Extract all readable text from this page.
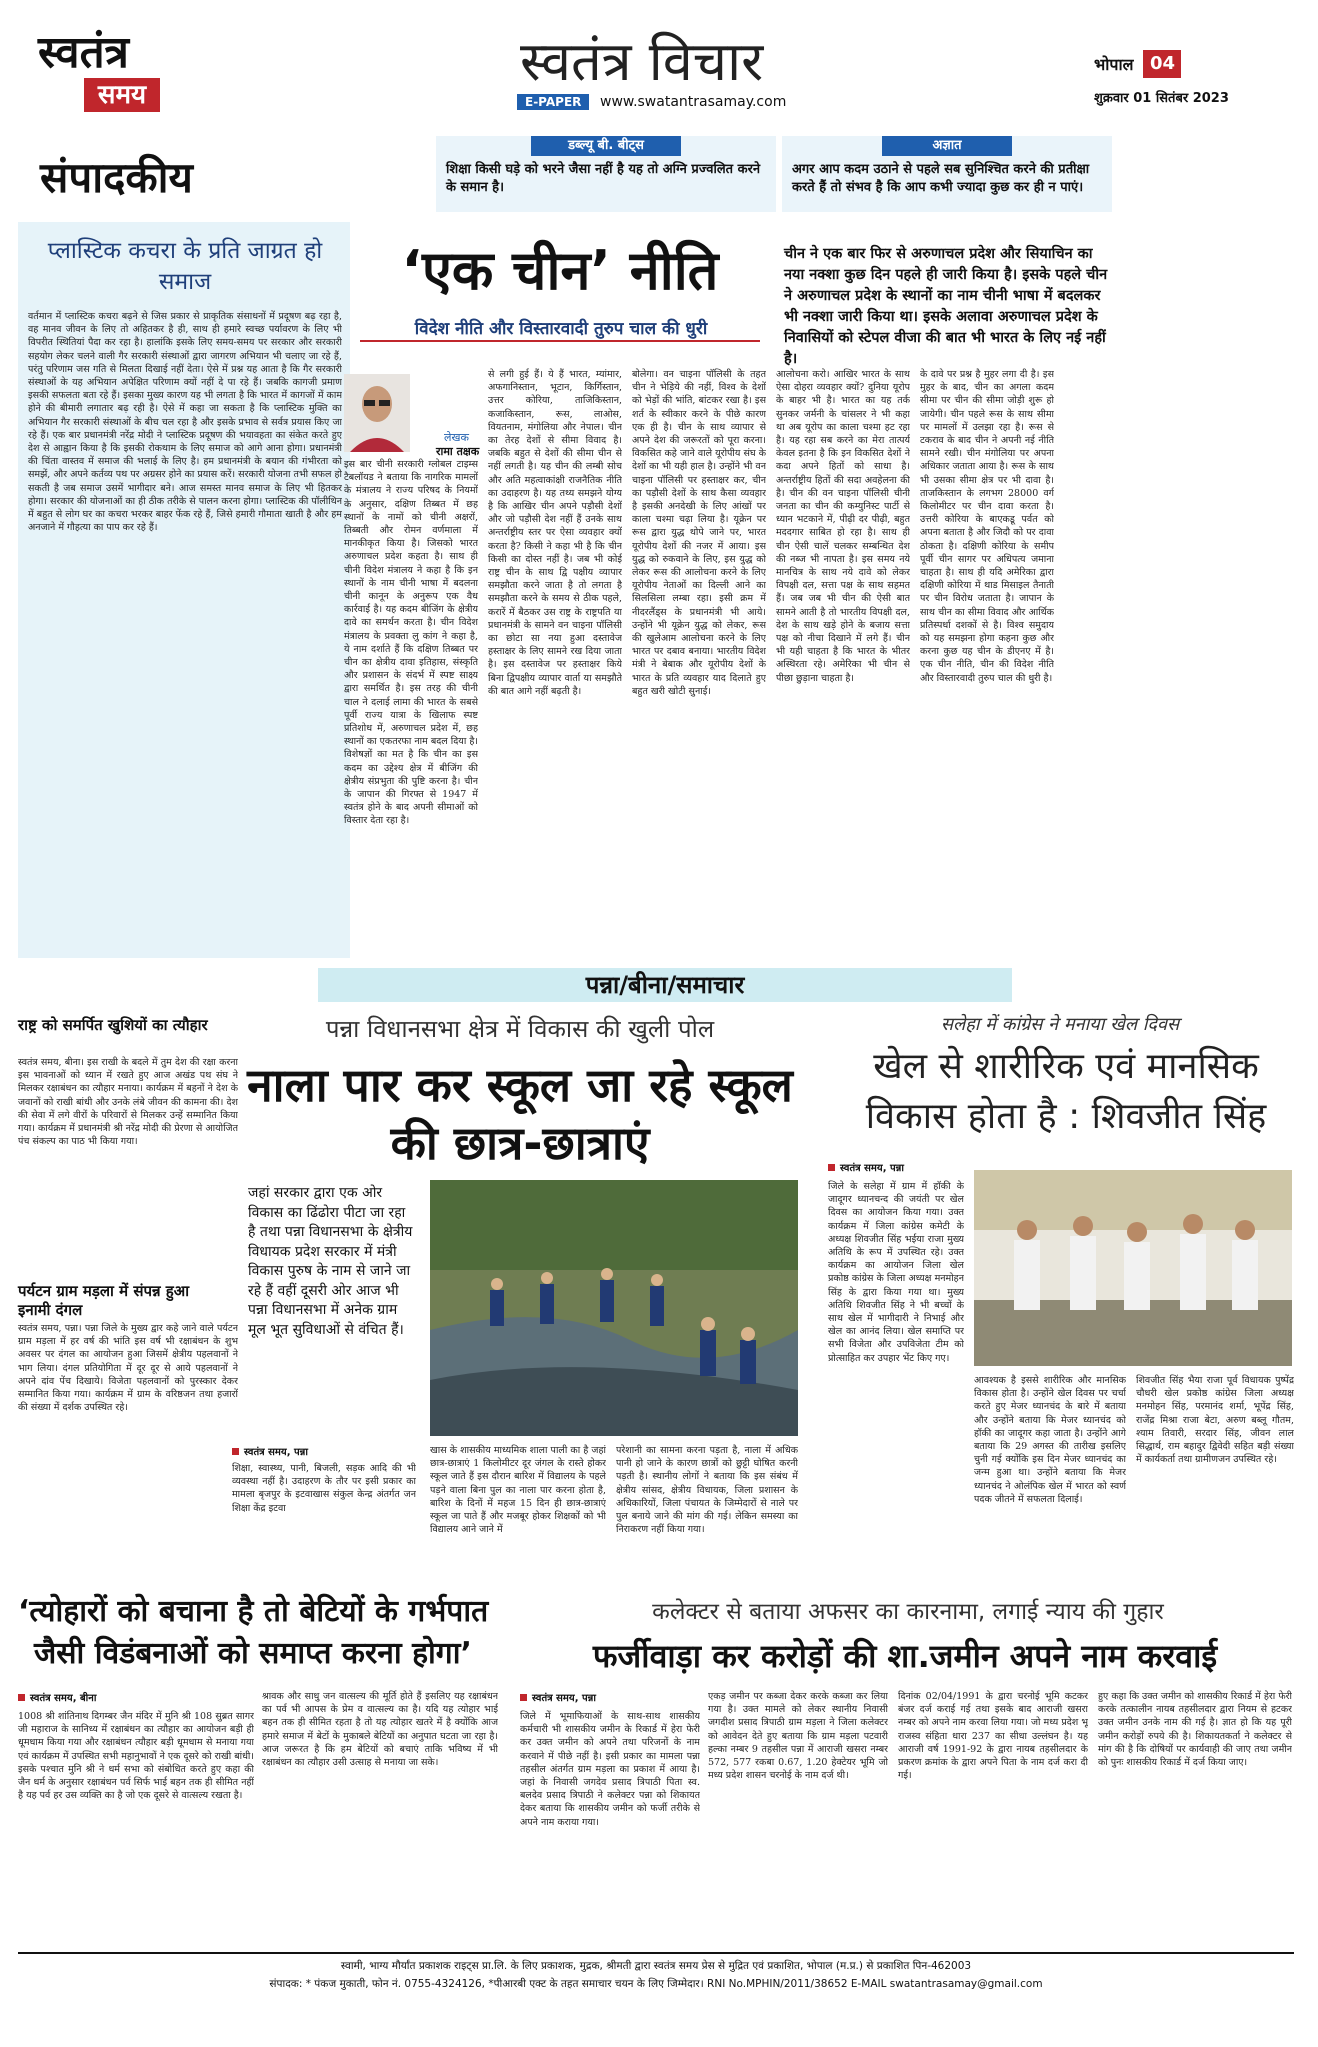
स्वतंत्र
समय
स्वतंत्र विचार
E-PAPER	www.swatantrasamay.com
भोपाल 04
शुक्रवार 01 सितंबर 2023
डब्ल्यू बी. बीट्स
शिक्षा किसी घड़े को भरने जैसा नहीं है यह तो अग्नि प्रज्वलित करने के समान है।
अज्ञात
अगर आप कदम उठाने से पहले सब सुनिश्चित करने की प्रतीक्षा करते हैं तो संभव है कि आप कभी ज्यादा कुछ कर ही न पाएं।
संपादकीय
प्लास्टिक कचरा के प्रति जाग्रत हो समाज
वर्तमान में प्लास्टिक कचरा बढ़ने से जिस प्रकार से प्राकृतिक संसाधनों में प्रदूषण बढ़ रहा है, वह मानव जीवन के लिए तो अहितकर है ही, साथ ही हमारे स्वच्छ पर्यावरण के लिए भी विपरीत स्थितियां पैदा कर रहा है। हालांकि इसके लिए समय-समय पर सरकार और सरकारी सहयोग लेकर चलने वाली गैर सरकारी संस्थाओं द्वारा जागरण अभियान भी चलाए जा रहे हैं, परंतु परिणाम जस गति से मिलता दिखाई नहीं देता। ऐसे में प्रश्न यह आता है कि गैर सरकारी संस्थाओं के यह अभियान अपेक्षित परिणाम क्यों नहीं दे पा रहे हैं। जबकि कागजी प्रमाण इसकी सफलता बता रहे हैं। इसका मुख्य कारण यह भी लगता है कि भारत में कागजों में काम होने की बीमारी लगातार बढ़ रही है। ऐसे में कहा जा सकता है कि प्लास्टिक मुक्ति का अभियान गैर सरकारी संस्थाओं के बीच चल रहा है और इसके प्रभाव से सर्वत्र प्रयास किए जा रहे हैं। एक बार प्रधानमंत्री नरेंद्र मोदी ने प्लास्टिक प्रदूषण की भयावहता का संकेत करते हुए देश से आह्वान किया है कि इसकी रोकथाम के लिए समाज को आगे आना होगा। प्रधानमंत्री की चिंता वास्तव में समाज की भलाई के लिए है। हम प्रधानमंत्री के बयान की गंभीरता को समझें, और अपने कर्तव्य पथ पर अग्रसर होने का प्रयास करें। सरकारी योजना तभी सफल हो सकती है जब समाज उसमें भागीदार बने। आज समस्त मानव समाज के लिए भी हितकर होगा। सरकार की योजनाओं का ही ठीक तरीके से पालन करना होगा। प्लास्टिक की पॉलीथिन में बहुत से लोग घर का कचरा भरकर बाहर फेंक रहे हैं, जिसे हमारी गौमाता खाती है और हम अनजाने में गौहत्या का पाप कर रहे हैं।
‘एक चीन’ नीति
विदेश नीति और विस्तारवादी तुरुप चाल की धुरी
चीन ने एक बार फिर से अरुणाचल प्रदेश और सियाचिन का नया नक्शा कुछ दिन पहले ही जारी किया है। इसके पहले चीन ने अरुणाचल प्रदेश के स्थानों का नाम चीनी भाषा में बदलकर भी नक्शा जारी किया था। इसके अलावा अरुणाचल प्रदेश के निवासियों को स्टेपल वीजा की बात भी भारत के लिए नई नहीं है।
लेखक
रामा तक्षक
इस बार चीनी सरकारी ग्लोबल टाइम्स टैबलॉयड ने बताया कि नागरिक मामलों के मंत्रालय ने राज्य परिषद के नियमों के अनुसार, दक्षिण तिब्बत में छह स्थानों के नामों को चीनी अक्षरों, तिब्बती और रोमन वर्णमाला में मानकीकृत किया है। जिसको भारत अरुणाचल प्रदेश कहता है। साथ ही चीनी विदेश मंत्रालय ने कहा है कि इन स्थानों के नाम चीनी भाषा में बदलना चीनी कानून के अनुरूप एक वैध कार्रवाई है। यह कदम बीजिंग के क्षेत्रीय दावे का समर्थन करता है। चीन विदेश मंत्रालय के प्रवक्ता लु कांग ने कहा है, ये नाम दर्शाते हैं कि दक्षिण तिब्बत पर चीन का क्षेत्रीय दावा इतिहास, संस्कृति और प्रशासन के संदर्भ में स्पष्ट साक्ष्य द्वारा समर्थित है। इस तरह की चीनी चाल ने दलाई लामा की भारत के सबसे पूर्वी राज्य यात्रा के खिलाफ स्पष्ट प्रतिशोध में, अरुणाचल प्रदेश में, छह स्थानों का एकतरफा नाम बदल दिया है। विशेषज्ञों का मत है कि चीन का इस कदम का उद्देश्य क्षेत्र में बीजिंग की क्षेत्रीय संप्रभुता की पुष्टि करना है। चीन के जापान की गिरफ्त से 1947 में स्वतंत्र होने के बाद अपनी सीमाओं को विस्तार देता रहा है।
से लगी हुई हैं। ये हैं भारत, म्यांमार, अफगानिस्तान, भूटान, किर्गिस्तान, उत्तर कोरिया, ताजिकिस्तान, कजाकिस्तान, रूस, लाओस, वियतनाम, मंगोलिया और नेपाल। चीन का तेरह देशों से सीमा विवाद है। जबकि बहुत से देशों की सीमा चीन से नहीं लगती है। यह चीन की लम्बी सोच और अति महत्वाकांक्षी राजनैतिक नीति का उदाहरण है। यह तथ्य समझने योग्य है कि आखिर चीन अपने पड़ौसी देशों और जो पड़ौसी देश नहीं हैं उनके साथ अन्तर्राष्ट्रीय स्तर पर ऐसा व्यवहार क्यों करता है? किसी ने कहा भी है कि चीन किसी का दोस्त नहीं है। जब भी कोई राष्ट्र चीन के साथ द्वि पक्षीय व्यापार समझौता करने जाता है तो लगता है समझौता करने के समय से ठीक पहले, करारें में बैठकर उस राष्ट्र के राष्ट्रपति या प्रधानमंत्री के सामने वन चाइना पॉलिसी का छोटा सा नया हुआ दस्तावेज हस्ताक्षर के लिए सामने रख दिया जाता है। इस दस्तावेज पर हस्ताक्षर किये बिना द्विपक्षीय व्यापार वार्ता या समझौते की बात आगे नहीं बढ़ती है।
बोलेगा। वन चाइना पॉलिसी के तहत चीन ने भेड़िये की नहीं, विश्व के देशों को भेड़ों की भांति, बांटकर रखा है। इस शर्त के स्वीकार करने के पीछे कारण एक ही है। चीन के साथ व्यापार से अपने देश की जरूरतों को पूरा करना। विकसित कहे जाने वाले यूरोपीय संघ के देशों का भी यही हाल है। उन्होंने भी वन चाइना पॉलिसी पर हस्ताक्षर कर, चीन का पड़ौसी देशों के साथ कैसा व्यवहार है इसकी अनदेखी के लिए आंखों पर काला चश्मा चढ़ा लिया है। यूक्रेन पर रूस द्वारा युद्ध थोपे जाने पर, भारत यूरोपीय देशों की नजर में आया। इस युद्ध को रुकवाने के लिए, इस युद्ध को लेकर रूस की आलोचना करने के लिए यूरोपीय नेताओं का दिल्ली आने का सिलसिला लम्बा रहा। इसी क्रम में नीदरलैंड्स के प्रधानमंत्री भी आये। उन्होंने भी यूक्रेन युद्ध को लेकर, रूस की खुलेआम आलोचना करने के लिए भारत पर दबाव बनाया। भारतीय विदेश मंत्री ने बेबाक और यूरोपीय देशों के भारत के प्रति व्यवहार याद दिलाते हुए बहुत खरी खोटी सुनाई।
आलोचना करो। आखिर भारत के साथ ऐसा दोहरा व्यवहार क्यों? दुनिया यूरोप के बाहर भी है। भारत का यह तर्क सुनकर जर्मनी के चांसलर ने भी कहा था अब यूरोप का काला चश्मा हट रहा है। यह रहा सब करने का मेरा तात्पर्य केवल इतना है कि इन विकसित देशों ने कदा अपने हितों को साधा है। अन्तर्राष्ट्रीय हितों की सदा अवहेलना की है। चीन की वन चाइना पॉलिसी चीनी जनता का चीन की कम्युनिस्ट पार्टी से ध्यान भटकाने में, पीढ़ी दर पीढ़ी, बहुत मददगार साबित हो रहा है। साथ ही चीन ऐसी चालें चलकर सम्बन्धित देश की नब्ज भी नापता है। इस समय नये मानचित्र के साथ नये दावे को लेकर विपक्षी दल, सत्ता पक्ष के साथ सहमत हैं। जब जब भी चीन की ऐसी बात सामने आती है तो भारतीय विपक्षी दल, देश के साथ खड़े होने के बजाय सत्ता पक्ष को नीचा दिखाने में लगे हैं। चीन भी यही चाहता है कि भारत के भीतर अस्थिरता रहे। अमेरिका भी चीन से पीछा छुड़ाना चाहता है।
के दावे पर प्रश्न है मुहर लगा दी है। इस मुहर के बाद, चीन का अगला कदम सीमा पर चीन की सीमा जोड़ी शुरू हो जायेगी। चीन पहले रूस के साथ सीमा पर मामलों में उलझा रहा है। रूस से टकराव के बाद चीन ने अपनी नई नीति सामने रखी। चीन मंगोलिया पर अपना अधिकार जताता आया है। रूस के साथ भी उसका सीमा क्षेत्र पर भी दावा है। ताजकिस्तान के लगभग 28000 वर्ग किलोमीटर पर चीन दावा करता है। उत्तरी कोरिया के बाएकडू पर्वत को अपना बताता है और जिदौ को पर दावा ठोकता है। दक्षिणी कोरिया के समीप पूर्वी चीन सागर पर अधिपत्य जमाना चाहता है। साथ ही यदि अमेरिका द्वारा दक्षिणी कोरिया में थाड मिसाइल तैनाती पर चीन विरोध जताता है। जापान के साथ चीन का सीमा विवाद और आर्थिक प्रतिस्पर्धा दशकों से है। विश्व समुदाय को यह समझना होगा कहना कुछ और करना कुछ यह चीन के डीएनए में है। एक चीन नीति, चीन की विदेश नीति और विस्तारवादी तुरुप चाल की धुरी है।
पन्ना/बीना/समाचार
राष्ट्र को समर्पित खुशियों का त्यौहार
स्वतंत्र समय, बीना। इस राखी के बदले में तुम देश की रक्षा करना इस भावनाओं को ध्यान में रखते हुए आज अखंड पथ संघ ने मिलकर रक्षाबंधन का त्यौहार मनाया। कार्यक्रम में बहनों ने देश के जवानों को राखी बांधी और उनके लंबे जीवन की कामना की। देश की सेवा में लगे वीरों के परिवारों से मिलकर उन्हें सम्मानित किया गया। कार्यक्रम में प्रधानमंत्री श्री नरेंद्र मोदी की प्रेरणा से आयोजित पंच संकल्प का पाठ भी किया गया।
पर्यटन ग्राम मड़ला में संपन्न हुआ इनामी दंगल
स्वतंत्र समय, पन्ना। पन्ना जिले के मुख्य द्वार कहे जाने वाले पर्यटन ग्राम मड़ला में हर वर्ष की भांति इस वर्ष भी रक्षाबंधन के शुभ अवसर पर दंगल का आयोजन हुआ जिसमें क्षेत्रीय पहलवानों ने भाग लिया। दंगल प्रतियोगिता में दूर दूर से आये पहलवानों ने अपने दांव पेंच दिखाये। विजेता पहलवानों को पुरस्कार देकर सम्मानित किया गया। कार्यक्रम में ग्राम के वरिष्ठजन तथा हजारों की संख्या में दर्शक उपस्थित रहे।
पन्ना विधानसभा क्षेत्र में विकास की खुली पोल
नाला पार कर स्कूल जा रहे स्कूल की छात्र-छात्राएं
जहां सरकार द्वारा एक ओर विकास का ढिंढोरा पीटा जा रहा है तथा पन्ना विधानसभा के क्षेत्रीय विधायक प्रदेश सरकार में मंत्री विकास पुरुष के नाम से जाने जा रहे हैं वहीं दूसरी ओर आज भी पन्ना विधानसभा में अनेक ग्राम मूल भूत सुविधाओं से वंचित हैं।
स्वतंत्र समय, पन्ना
शिक्षा, स्वास्थ्य, पानी, बिजली, सड़क आदि की भी व्यवस्था नहीं है। उदाहरण के तौर पर इसी प्रकार का मामला बृजपुर के इटवाखास संकुल केन्द्र अंतर्गत जन शिक्षा केंद्र इटवा
खास के शासकीय माध्यमिक शाला पाली का है जहां छात्र-छात्राएं 1 किलोमीटर दूर जंगल के रास्ते होकर स्कूल जाते हैं इस दौरान बारिश में विद्यालय के पहले पड़ने वाला बिना पुल का नाला पार करना होता है, बारिश के दिनों में महज 15 दिन ही छात्र-छात्राएं स्कूल जा पाते हैं और मजबूर होकर शिक्षकों को भी विद्यालय आने जाने में
परेशानी का सामना करना पड़ता है, नाला में अधिक पानी हो जाने के कारण छात्रों को छुट्टी घोषित करनी पड़ती है। स्थानीय लोगों ने बताया कि इस संबंध में क्षेत्रीय सांसद, क्षेत्रीय विधायक, जिला प्रशासन के अधिकारियों, जिला पंचायत के जिम्मेदारों से नाले पर पुल बनाये जाने की मांग की गई। लेकिन समस्या का निराकरण नहीं किया गया।
सलेहा में कांग्रेस ने मनाया खेल दिवस
खेल से शारीरिक एवं मानसिक विकास होता है : शिवजीत सिंह
स्वतंत्र समय, पन्ना
जिले के सलेहा में ग्राम में हॉकी के जादूगर ध्यानचन्द की जयंती पर खेल दिवस का आयोजन किया गया। उक्त कार्यक्रम में जिला कांग्रेस कमेटी के अध्यक्ष शिवजीत सिंह भईया राजा मुख्य अतिथि के रूप में उपस्थित रहे। उक्त कार्यक्रम का आयोजन जिला खेल प्रकोष्ठ कांग्रेस के जिला अध्यक्ष मनमोहन सिंह के द्वारा किया गया था। मुख्य अतिथि शिवजीत सिंह ने भी बच्चों के साथ खेल में भागीदारी ने निभाई और खेल का आनंद लिया। खेल समाप्ति पर सभी विजेता और उपविजेता टीम को प्रोत्साहित कर उपहार भेंट किए गए।
आवश्यक है इससे शारीरिक और मानसिक विकास होता है। उन्होंने खेल दिवस पर चर्चा करते हुए मेजर ध्यानचंद के बारे में बताया और उन्होंने बताया कि मेजर ध्यानचंद को हॉकी का जादूगर कहा जाता है। उन्होंने आगे बताया कि 29 अगस्त की तारीख इसलिए चुनी गई क्योंकि इस दिन मेजर ध्यानचंद का जन्म हुआ था। उन्होंने बताया कि मेजर ध्यानचंद ने ओलंपिक खेल में भारत को स्वर्ण पदक जीतने में सफलता दिलाई।
शिवजीत सिंह भैया राजा पूर्व विधायक पुष्पेंद्र चौधरी खेल प्रकोष्ठ कांग्रेस जिला अध्यक्ष मनमोहन सिंह, परमानंद शर्मा, भूपेंद्र सिंह, राजेंद्र मिश्रा राजा बेटा, अरुण बब्लू गौतम, श्याम तिवारी, सरदार सिंह, जीवन लाल सिद्धार्थ, राम बहादुर द्विवेदी सहित बड़ी संख्या में कार्यकर्ता तथा ग्रामीणजन उपस्थित रहे।
‘त्योहारों को बचाना है तो बेटियों के गर्भपात
जैसी विडंबनाओं को समाप्त करना होगा’
स्वतंत्र समय, बीना
1008 श्री शांतिनाथ दिगम्बर जैन मंदिर में मुनि श्री 108 सुब्रत सागर जी महाराज के सानिध्य में रक्षाबंधन का त्यौहार का आयोजन बड़ी ही धूमधाम किया गया और रक्षाबंधन त्यौहार बड़ी धूमधाम से मनाया गया एवं कार्यक्रम में उपस्थित सभी महानुभावों ने एक दूसरे को राखी बांधी। इसके पश्चात मुनि श्री ने धर्म सभा को संबोधित करते हुए कहा की जैन धर्म के अनुसार रक्षाबंधन पर्व सिर्फ भाई बहन तक ही सीमित नहीं है यह पर्व हर उस व्यक्ति का है जो एक दूसरे से वात्सल्य रखता है।
श्रावक और साधु जन वात्सल्य की मूर्ति होते हैं इसलिए यह रक्षाबंधन का पर्व भी आपस के प्रेम व वात्सल्य का है। यदि यह त्योहार भाई बहन तक ही सीमित रहता है तो यह त्योहार खतरे में है क्योंकि आज हमारे समाज में बेटों के मुकाबले बेटियों का अनुपात घटता जा रहा है। आज जरूरत है कि हम बेटियों को बचाएं ताकि भविष्य में भी रक्षाबंधन का त्यौहार उसी उत्साह से मनाया जा सके।
कलेक्टर से बताया अफसर का कारनामा, लगाई न्याय की गुहार
फर्जीवाड़ा कर करोड़ों की शा.जमीन अपने नाम करवाई
स्वतंत्र समय, पन्ना
जिले में भूमाफियाओं के साथ-साथ शासकीय कर्मचारी भी शासकीय जमीन के रिकार्ड में हेरा फेरी कर उक्त जमीन को अपने तथा परिजनों के नाम करवाने में पीछे नहीं है। इसी प्रकार का मामला पन्ना तहसील अंतर्गत ग्राम मड़ला का प्रकाश में आया है। जहां के निवासी जगदेव प्रसाद त्रिपाठी पिता स्व. बलदेव प्रसाद त्रिपाठी ने कलेक्टर पन्ना को शिकायत देकर बताया कि शासकीय जमीन को फर्जी तरीके से अपने नाम कराया गया।
एकड़ जमीन पर कब्जा देकर करके कब्जा कर लिया गया है। उक्त मामले को लेकर स्थानीय निवासी जगदीश प्रसाद त्रिपाठी ग्राम मड़ला ने जिला कलेक्टर को आवेदन देते हुए बताया कि ग्राम मड़ला पटवारी हल्का नम्बर 9 तहसील पन्ना में आराजी खसरा नम्बर 572, 577 रकबा 0.67, 1.20 हेक्टेयर भूमि जो मध्य प्रदेश शासन चरनोई के नाम दर्ज थी।
दिनांक 02/04/1991 के द्वारा चरनोई भूमि कटकर बंजर दर्ज कराई गई तथा इसके बाद आराजी खसरा नम्बर को अपने नाम करवा लिया गया। जो मध्य प्रदेश भू राजस्व संहिता धारा 237 का सीधा उल्लंघन है। यह आराजी वर्ष 1991-92 के द्वारा नायब तहसीलदार के प्रकरण क्रमांक के द्वारा अपने पिता के नाम दर्ज करा दी गई।
हुए कहा कि उक्त जमीन को शासकीय रिकार्ड में हेरा फेरी करके तत्कालीन नायब तहसीलदार द्वारा नियम से हटकर उक्त जमीन उनके नाम की गई है। ज्ञात हो कि यह पूरी जमीन करोड़ों रुपये की है। शिकायतकर्ता ने कलेक्टर से मांग की है कि दोषियों पर कार्यवाही की जाए तथा जमीन को पुनः शासकीय रिकार्ड में दर्ज किया जाए।
स्वामी, भाग्य मौर्यांत प्रकाशक राइट्स प्रा.लि. के लिए प्रकाशक, मुद्रक, श्रीमती द्वारा स्वतंत्र समय प्रेस से मुद्रित एवं प्रकाशित, भोपाल (म.प्र.) से प्रकाशित पिन-462003
संपादक: * पंकज मुकाती, फोन नं. 0755-4324126, *पीआरबी एक्ट के तहत समाचार चयन के लिए जिम्मेदार। RNI No.MPHIN/2011/38652 E-MAIL swatantrasamay@gmail.com
